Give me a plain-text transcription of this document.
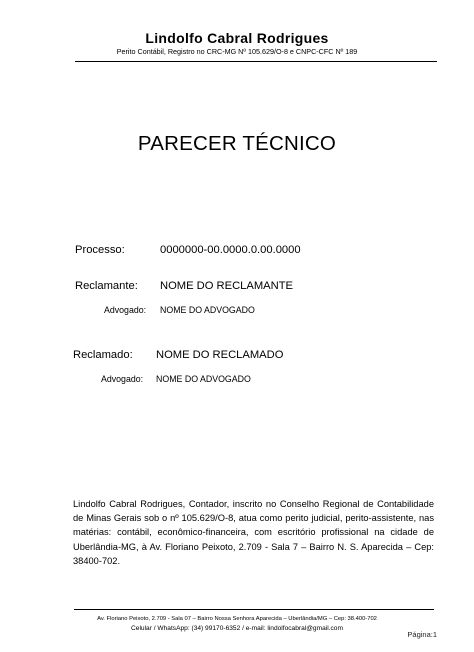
Lindolfo Cabral Rodrigues
Perito Contábil, Registro no CRC-MG Nº 105.629/O-8 e CNPC-CFC Nº 189
PARECER TÉCNICO
Processo:	0000000-00.0000.0.00.0000
Reclamante: NOME DO RECLAMANTE
Advogado: NOME DO ADVOGADO
Reclamado: NOME DO RECLAMADO
Advogado: NOME DO ADVOGADO
Lindolfo Cabral Rodrigues, Contador, inscrito no Conselho Regional de Contabilidade de Minas Gerais sob o nº 105.629/O-8, atua como perito judicial, perito-assistente, nas matérias: contábil, econômico-financeira, com escritório profissional na cidade de Uberlândia-MG, à Av. Floriano Peixoto, 2.709 - Sala 7 – Bairro N. S. Aparecida – Cep: 38400-702.
Av. Floriano Peixoto, 2.709 - Sala 07 – Bairro Nossa Senhora Aparecida – Uberlândia/MG – Cep: 38.400-702
Celular / WhatsApp: (34) 99170-6352 / e-mail: lindolfocabral@gmail.com
Página:1
